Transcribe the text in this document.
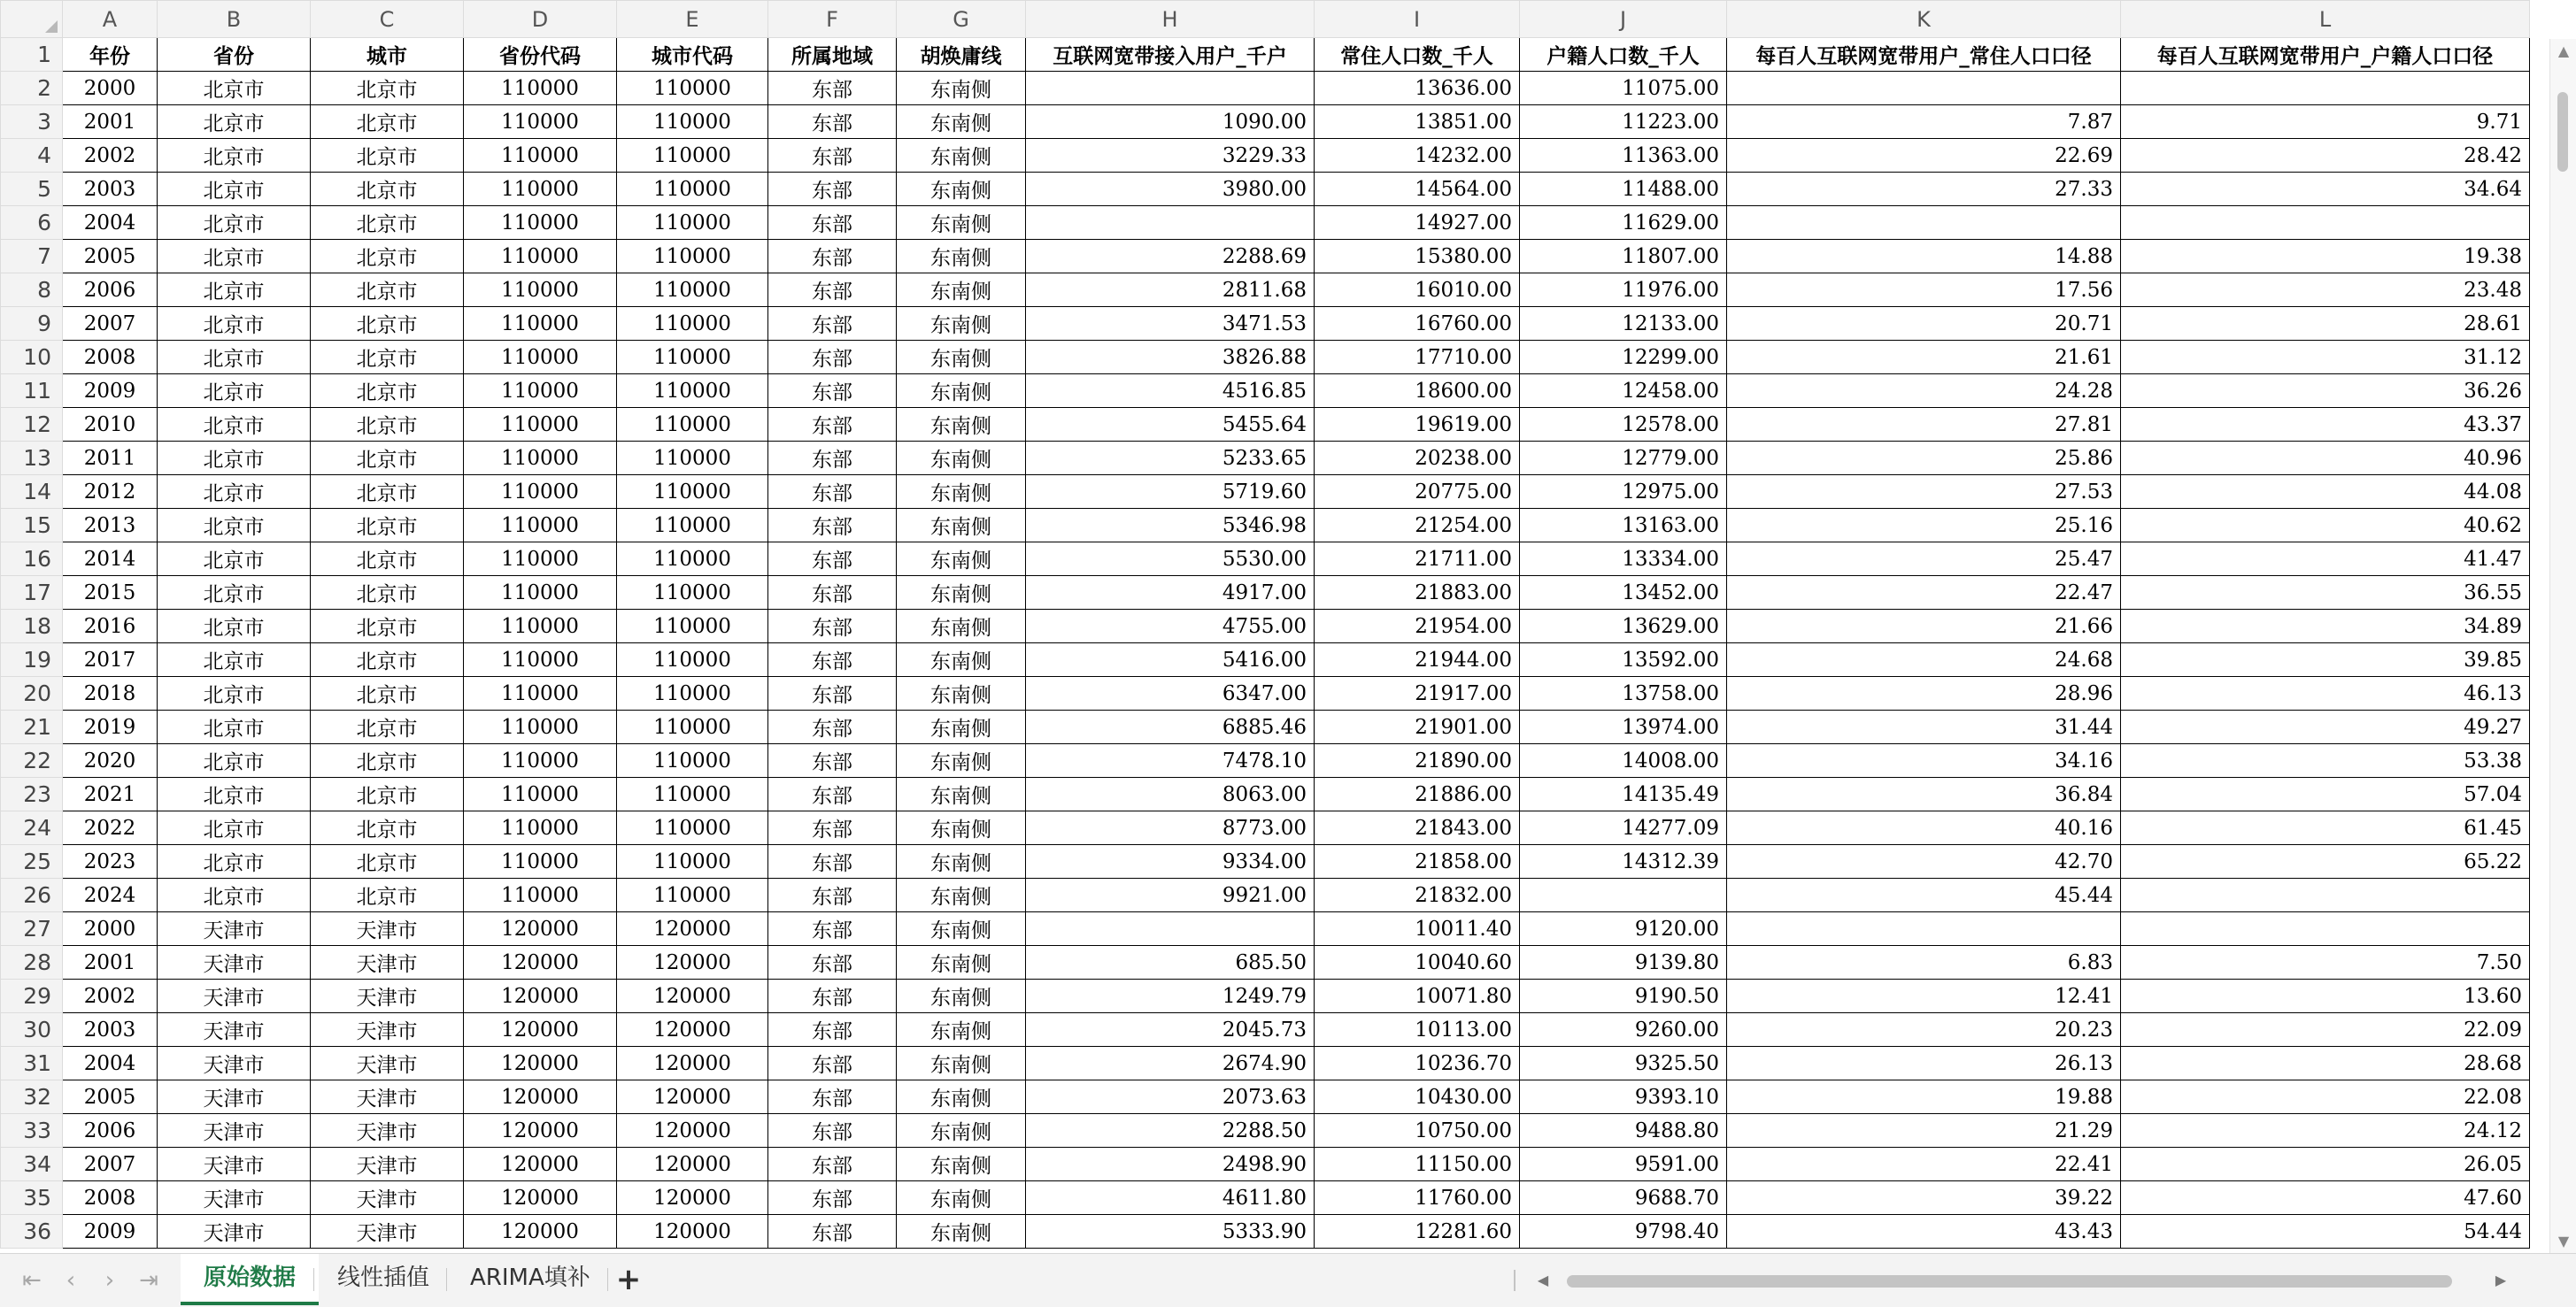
	A	B	C	D	E	F	G	H	I	J	K	L
1	年份	省份	城市	省份代码	城市代码	所属地域	胡焕庸线	互联网宽带接入用户_千户	常住人口数_千人	户籍人口数_千人	每百人互联网宽带用户_常住人口口径	每百人互联网宽带用户_户籍人口口径
2	2000	北京市	北京市	110000	110000	东部	东南侧		13636.00	11075.00		
3	2001	北京市	北京市	110000	110000	东部	东南侧	1090.00	13851.00	11223.00	7.87	9.71
4	2002	北京市	北京市	110000	110000	东部	东南侧	3229.33	14232.00	11363.00	22.69	28.42
5	2003	北京市	北京市	110000	110000	东部	东南侧	3980.00	14564.00	11488.00	27.33	34.64
6	2004	北京市	北京市	110000	110000	东部	东南侧		14927.00	11629.00		
7	2005	北京市	北京市	110000	110000	东部	东南侧	2288.69	15380.00	11807.00	14.88	19.38
8	2006	北京市	北京市	110000	110000	东部	东南侧	2811.68	16010.00	11976.00	17.56	23.48
9	2007	北京市	北京市	110000	110000	东部	东南侧	3471.53	16760.00	12133.00	20.71	28.61
10	2008	北京市	北京市	110000	110000	东部	东南侧	3826.88	17710.00	12299.00	21.61	31.12
11	2009	北京市	北京市	110000	110000	东部	东南侧	4516.85	18600.00	12458.00	24.28	36.26
12	2010	北京市	北京市	110000	110000	东部	东南侧	5455.64	19619.00	12578.00	27.81	43.37
13	2011	北京市	北京市	110000	110000	东部	东南侧	5233.65	20238.00	12779.00	25.86	40.96
14	2012	北京市	北京市	110000	110000	东部	东南侧	5719.60	20775.00	12975.00	27.53	44.08
15	2013	北京市	北京市	110000	110000	东部	东南侧	5346.98	21254.00	13163.00	25.16	40.62
16	2014	北京市	北京市	110000	110000	东部	东南侧	5530.00	21711.00	13334.00	25.47	41.47
17	2015	北京市	北京市	110000	110000	东部	东南侧	4917.00	21883.00	13452.00	22.47	36.55
18	2016	北京市	北京市	110000	110000	东部	东南侧	4755.00	21954.00	13629.00	21.66	34.89
19	2017	北京市	北京市	110000	110000	东部	东南侧	5416.00	21944.00	13592.00	24.68	39.85
20	2018	北京市	北京市	110000	110000	东部	东南侧	6347.00	21917.00	13758.00	28.96	46.13
21	2019	北京市	北京市	110000	110000	东部	东南侧	6885.46	21901.00	13974.00	31.44	49.27
22	2020	北京市	北京市	110000	110000	东部	东南侧	7478.10	21890.00	14008.00	34.16	53.38
23	2021	北京市	北京市	110000	110000	东部	东南侧	8063.00	21886.00	14135.49	36.84	57.04
24	2022	北京市	北京市	110000	110000	东部	东南侧	8773.00	21843.00	14277.09	40.16	61.45
25	2023	北京市	北京市	110000	110000	东部	东南侧	9334.00	21858.00	14312.39	42.70	65.22
26	2024	北京市	北京市	110000	110000	东部	东南侧	9921.00	21832.00		45.44	
27	2000	天津市	天津市	120000	120000	东部	东南侧		10011.40	9120.00		
28	2001	天津市	天津市	120000	120000	东部	东南侧	685.50	10040.60	9139.80	6.83	7.50
29	2002	天津市	天津市	120000	120000	东部	东南侧	1249.79	10071.80	9190.50	12.41	13.60
30	2003	天津市	天津市	120000	120000	东部	东南侧	2045.73	10113.00	9260.00	20.23	22.09
31	2004	天津市	天津市	120000	120000	东部	东南侧	2674.90	10236.70	9325.50	26.13	28.68
32	2005	天津市	天津市	120000	120000	东部	东南侧	2073.63	10430.00	9393.10	19.88	22.08
33	2006	天津市	天津市	120000	120000	东部	东南侧	2288.50	10750.00	9488.80	21.29	24.12
34	2007	天津市	天津市	120000	120000	东部	东南侧	2498.90	11150.00	9591.00	22.41	26.05
35	2008	天津市	天津市	120000	120000	东部	东南侧	4611.80	11760.00	9688.70	39.22	47.60
36	2009	天津市	天津市	120000	120000	东部	东南侧	5333.90	12281.60	9798.40	43.43	54.44
▲
▼
⇤	‹	›	⇥	原始数据	线性插值	ARIMA填补 +	◀	▶
